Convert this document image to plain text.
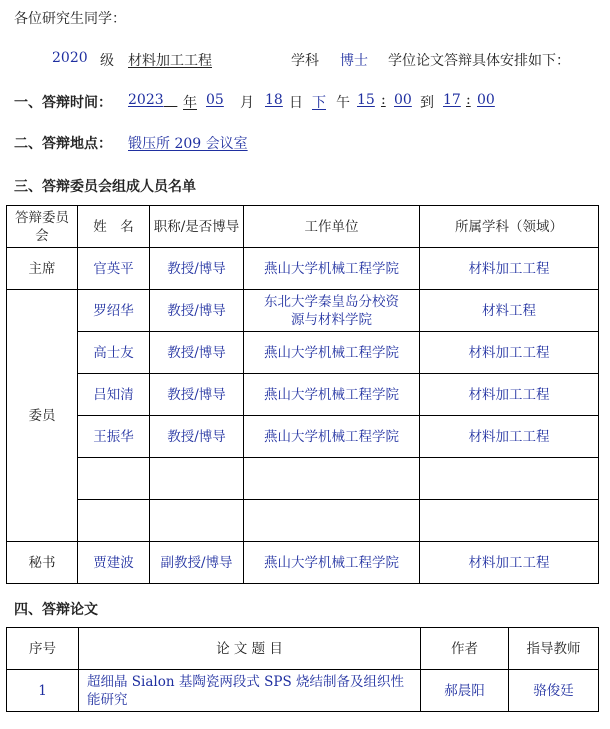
各位研究生同学：
2020 级 材料加工工程	学科 博士 学位论文答辩具体安排如下：
一、答辩时间： 2023
年 05 月 18 日 下 午 15 : 00 到 17 : 00
二、答辩地点： 锻压所 209 会议室
三、答辩委员会组成人员名单
答辩委员会	姓　名	职称/是否博导	工作单位	所属学科（领域）
主席	官英平	教授/博导	燕山大学机械工程学院	材料加工工程
委员	罗绍华	教授/博导	东北大学秦皇岛分校资源与材料学院	材料工程
	高士友	教授/博导	燕山大学机械工程学院	材料加工工程
	吕知清	教授/博导	燕山大学机械工程学院	材料加工工程
	王振华	教授/博导	燕山大学机械工程学院	材料加工工程

秘书	贾建波	副教授/博导	燕山大学机械工程学院	材料加工工程
四、答辩论文
序号	论 文 题 目	作者	指导教师
1	超细晶 Sialon 基陶瓷两段式 SPS 烧结制备及组织性能研究	郝晨阳	骆俊廷
